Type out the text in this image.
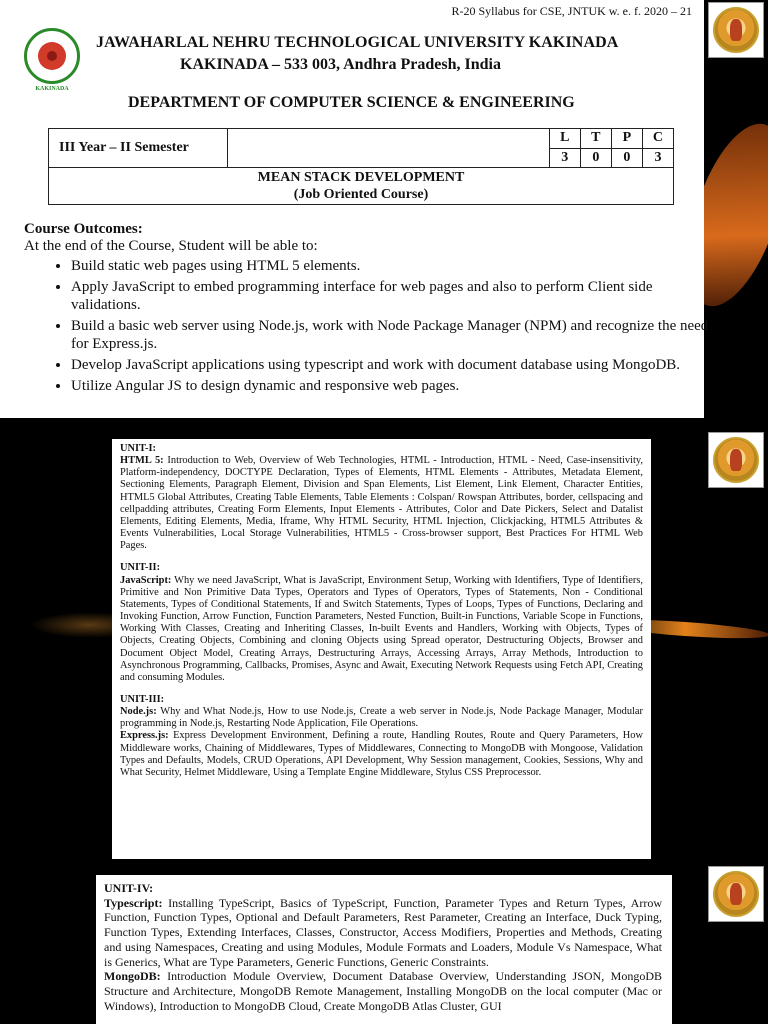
R-20 Syllabus for CSE, JNTUK w. e. f. 2020 – 21
KAKINADA
JAWAHARLAL NEHRU TECHNOLOGICAL UNIVERSITY KAKINADA
KAKINADA – 533 003, Andhra Pradesh, India
DEPARTMENT OF COMPUTER SCIENCE & ENGINEERING
III Year – II Semester		L	T	P	C
		3	0	0	3

MEAN STACK DEVELOPMENT
(Job Oriented Course)					
Course Outcomes:
At the end of the Course, Student will be able to:
• Build static web pages using HTML 5 elements.
• Apply JavaScript to embed programming interface for web pages and also to perform Client side validations.
• Build a basic web server using Node.js, work with Node Package Manager (NPM) and recognize the need for Express.js.
• Develop JavaScript applications using typescript and work with document database using MongoDB.
• Utilize Angular JS to design dynamic and responsive web pages.
UNIT-I:
HTML 5: Introduction to Web, Overview of Web Technologies, HTML - Introduction, HTML - Need, Case-insensitivity, Platform-independency, DOCTYPE Declaration, Types of Elements, HTML Elements - Attributes, Metadata Element, Sectioning Elements, Paragraph Element, Division and Span Elements, List Element, Link Element, Character Entities, HTML5 Global Attributes, Creating Table Elements, Table Elements : Colspan/ Rowspan Attributes, border, cellspacing and cellpadding attributes, Creating Form Elements, Input Elements - Attributes, Color and Date Pickers, Select and Datalist Elements, Editing Elements, Media, Iframe, Why HTML Security, HTML Injection, Clickjacking, HTML5 Attributes & Events Vulnerabilities, Local Storage Vulnerabilities, HTML5 - Cross-browser support, Best Practices For HTML Web Pages.
UNIT-II:
JavaScript: Why we need JavaScript, What is JavaScript, Environment Setup, Working with Identifiers, Type of Identifiers, Primitive and Non Primitive Data Types, Operators and Types of Operators, Types of Statements, Non - Conditional Statements, Types of Conditional Statements, If and Switch Statements, Types of Loops, Types of Functions, Declaring and Invoking Function, Arrow Function, Function Parameters, Nested Function, Built-in Functions, Variable Scope in Functions, Working With Classes, Creating and Inheriting Classes, In-built Events and Handlers, Working with Objects, Types of Objects, Creating Objects, Combining and cloning Objects using Spread operator, Destructuring Objects, Browser and Document Object Model, Creating Arrays, Destructuring Arrays, Accessing Arrays, Array Methods, Introduction to Asynchronous Programming, Callbacks, Promises, Async and Await, Executing Network Requests using Fetch API, Creating and consuming Modules.
UNIT-III:
Node.js: Why and What Node.js, How to use Node.js, Create a web server in Node.js, Node Package Manager, Modular programming in Node.js, Restarting Node Application, File Operations.
Express.js: Express Development Environment, Defining a route, Handling Routes, Route and Query Parameters, How Middleware works, Chaining of Middlewares, Types of Middlewares, Connecting to MongoDB with Mongoose, Validation Types and Defaults, Models, CRUD Operations, API Development, Why Session management, Cookies, Sessions, Why and What Security, Helmet Middleware, Using a Template Engine Middleware, Stylus CSS Preprocessor.
UNIT-IV:
Typescript: Installing TypeScript, Basics of TypeScript, Function, Parameter Types and Return Types, Arrow Function, Function Types, Optional and Default Parameters, Rest Parameter, Creating an Interface, Duck Typing, Function Types, Extending Interfaces, Classes, Constructor, Access Modifiers, Properties and Methods, Creating and using Namespaces, Creating and using Modules, Module Formats and Loaders, Module Vs Namespace, What is Generics, What are Type Parameters, Generic Functions, Generic Constraints.
MongoDB: Introduction Module Overview, Document Database Overview, Understanding JSON, MongoDB Structure and Architecture, MongoDB Remote Management, Installing MongoDB on the local computer (Mac or Windows), Introduction to MongoDB Cloud, Create MongoDB Atlas Cluster, GUI
